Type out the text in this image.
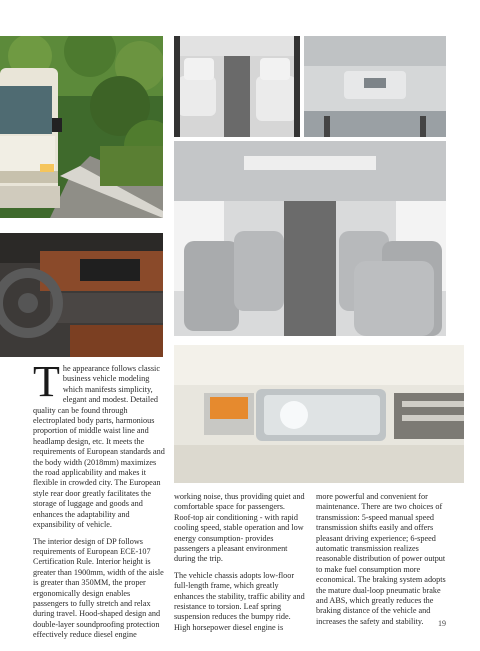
The appearance follows classic business vehicle modeling which manifests simplicity, elegant and modest. Detailed quality can be found through electroplated body parts, harmonious proportion of middle waist line and headlamp design, etc. It meets the requirements of European standards and the body width (2018mm) maximizes the road applicability and makes it flexible in crowded city. The European style rear door greatly facilitates the storage of luggage and goods and enhances the adaptability and expansibility of vehicle.

The interior design of DP follows requirements of European ECE-107 Certification Rule. Interior height is greater than 1900mm, width of the aisle is greater than 350MM, the proper ergonomically design enables passengers to fully stretch and relax during travel. Hood-shaped design and double-layer soundproofing protection effectively reduce diesel engine

working noise, thus providing quiet and comfortable space for passengers. Roof-top air conditioning - with rapid cooling speed, stable operation and low energy consumption- provides passengers a pleasant environment during the trip.

The vehicle chassis adopts low-floor full-length frame, which greatly enhances the stability, traffic ability and resistance to torsion. Leaf spring suspension reduces the bumpy ride. High horsepower diesel engine is

more powerful and convenient for maintenance. There are two choices of transmission: 5-speed manual speed transmission shifts easily and offers pleasant driving experience; 6-speed automatic transmission realizes reasonable distribution of power output to make fuel consumption more economical. The braking system adopts the mature dual-loop pneumatic brake and ABS, which greatly reduces the braking distance of the vehicle and increases the safety and stability.	19
